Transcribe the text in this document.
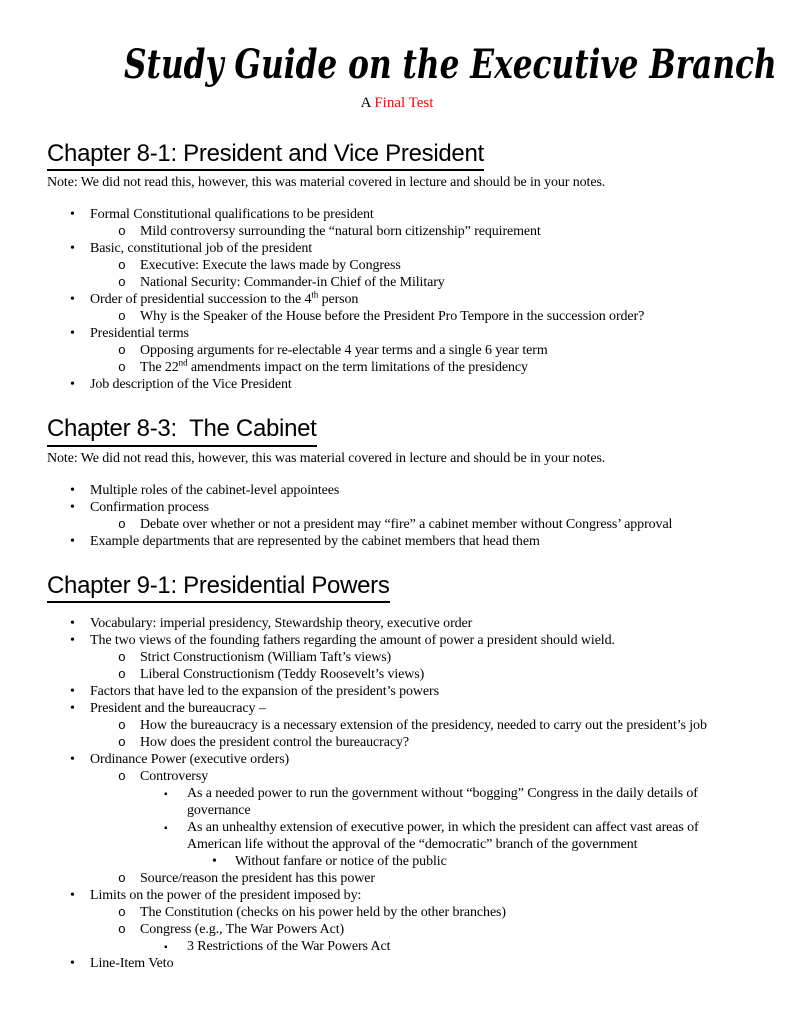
Study Guide on the Executive Branch
A Final Test
Chapter 8-1: President and Vice President
Note: We did not read this, however, this was material covered in lecture and should be in your notes.
• Formal Constitutional qualifications to be president
o Mild controversy surrounding the “natural born citizenship” requirement
• Basic, constitutional job of the president
o Executive: Execute the laws made by Congress
o National Security: Commander-in Chief of the Military
• Order of presidential succession to the 4th person
o Why is the Speaker of the House before the President Pro Tempore in the succession order?
• Presidential terms
o Opposing arguments for re-electable 4 year terms and a single 6 year term
o The 22nd amendments impact on the term limitations of the presidency
• Job description of the Vice President
Chapter 8-3:  The Cabinet
Note: We did not read this, however, this was material covered in lecture and should be in your notes.
• Multiple roles of the cabinet-level appointees
• Confirmation process
o Debate over whether or not a president may “fire” a cabinet member without Congress’ approval
• Example departments that are represented by the cabinet members that head them
Chapter 9-1: Presidential Powers
• Vocabulary: imperial presidency, Stewardship theory, executive order
• The two views of the founding fathers regarding the amount of power a president should wield.
o Strict Constructionism (William Taft’s views)
o Liberal Constructionism (Teddy Roosevelt’s views)
• Factors that have led to the expansion of the president’s powers
• President and the bureaucracy –
o How the bureaucracy is a necessary extension of the presidency, needed to carry out the president’s job
o How does the president control the bureaucracy?
• Ordinance Power (executive orders)
o Controversy
▪ As a needed power to run the government without “bogging” Congress in the daily details of governance
▪ As an unhealthy extension of executive power, in which the president can affect vast areas of American life without the approval of the “democratic” branch of the government
• Without fanfare or notice of the public
o Source/reason the president has this power
• Limits on the power of the president imposed by:
o The Constitution (checks on his power held by the other branches)
o Congress (e.g., The War Powers Act)
▪ 3 Restrictions of the War Powers Act
• Line-Item Veto
